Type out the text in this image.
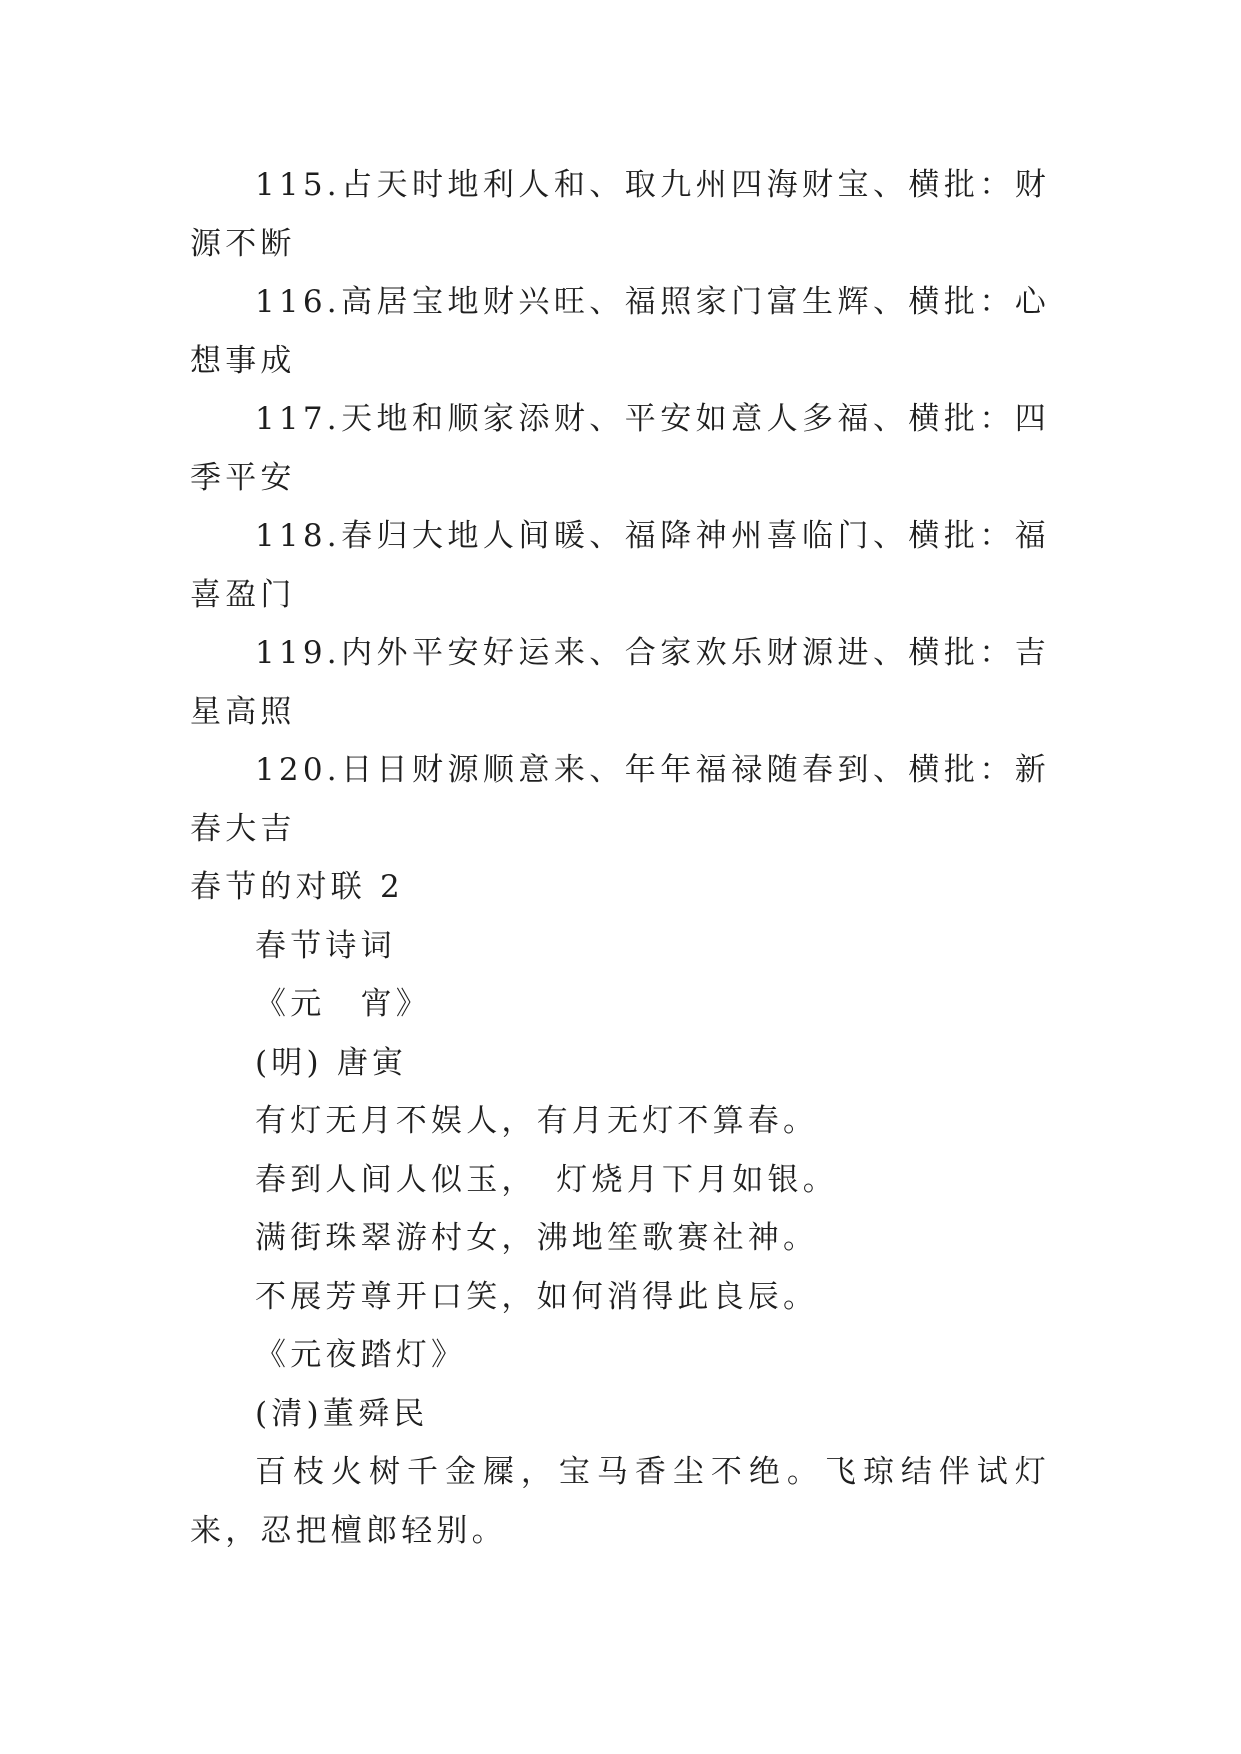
115.占天时地利人和、取九州四海财宝、横批：财源不断

116.高居宝地财兴旺、福照家门富生辉、横批：心想事成

117.天地和顺家添财、平安如意人多福、横批：四季平安

118.春归大地人间暖、福降神州喜临门、横批：福喜盈门

119.内外平安好运来、合家欢乐财源进、横批：吉星高照

120.日日财源顺意来、年年福禄随春到、横批：新春大吉

春节的对联 2

春节诗词

《元　宵》

(明) 唐寅

有灯无月不娱人，有月无灯不算春。

春到人间人似玉，　灯烧月下月如银。

满街珠翠游村女，沸地笙歌赛社神。

不展芳尊开口笑，如何消得此良辰。

《元夜踏灯》

(清)董舜民

百枝火树千金屧，宝马香尘不绝。飞琼结伴试灯来，忍把檀郎轻别。
